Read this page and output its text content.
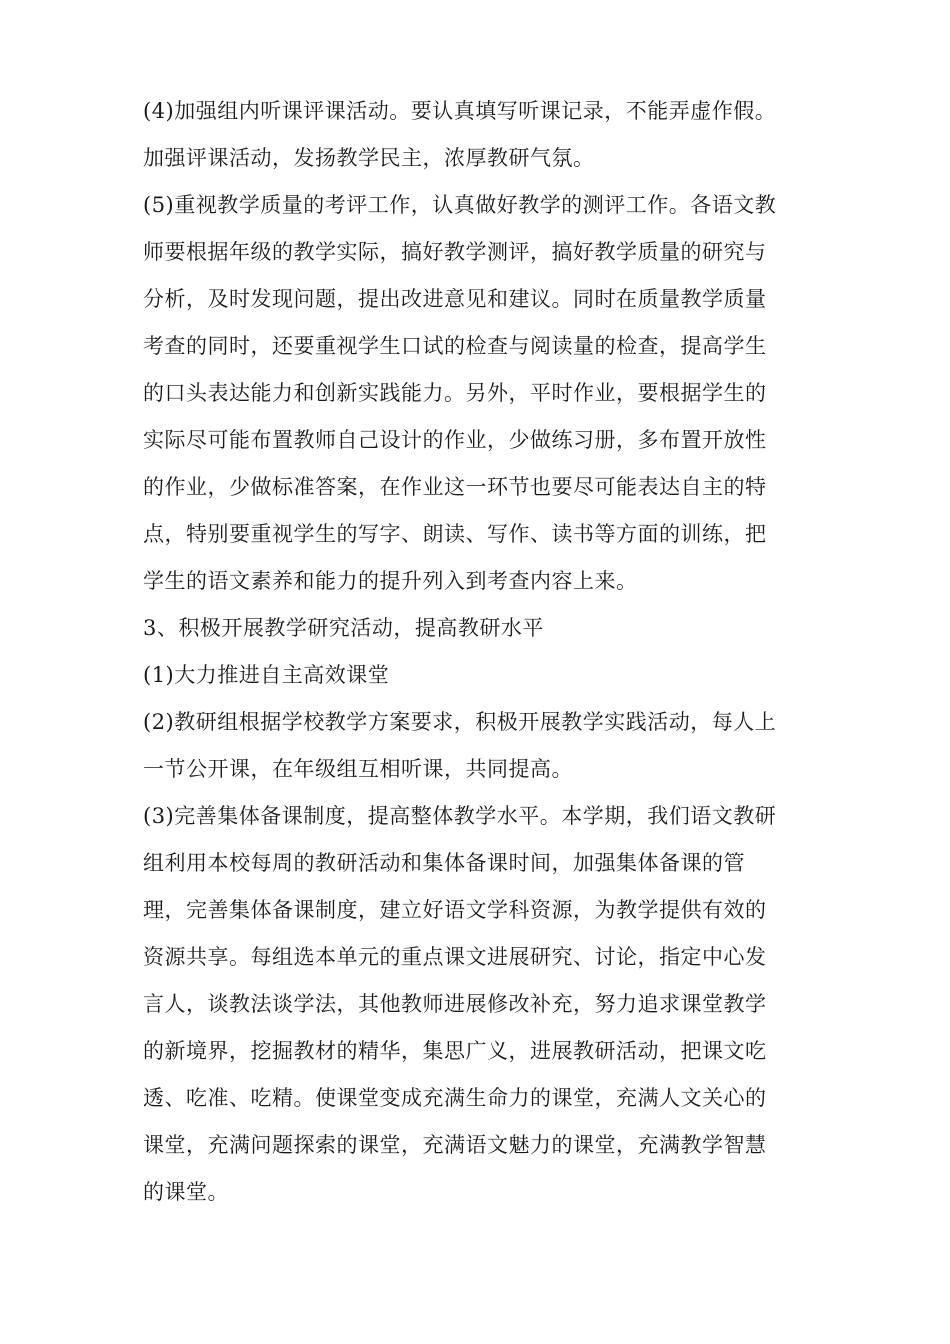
(4)加强组内听课评课活动。要认真填写听课记录，不能弄虚作假。
加强评课活动，发扬教学民主，浓厚教研气氛。
(5)重视教学质量的考评工作，认真做好教学的测评工作。各语文教
师要根据年级的教学实际，搞好教学测评，搞好教学质量的研究与
分析，及时发现问题，提出改进意见和建议。同时在质量教学质量
考查的同时，还要重视学生口试的检查与阅读量的检查，提高学生
的口头表达能力和创新实践能力。另外，平时作业，要根据学生的
实际尽可能布置教师自己设计的作业，少做练习册，多布置开放性
的作业，少做标准答案，在作业这一环节也要尽可能表达自主的特
点，特别要重视学生的写字、朗读、写作、读书等方面的训练，把
学生的语文素养和能力的提升列入到考查内容上来。
3、积极开展教学研究活动，提高教研水平
(1)大力推进自主高效课堂
(2)教研组根据学校教学方案要求，积极开展教学实践活动，每人上
一节公开课，在年级组互相听课，共同提高。
(3)完善集体备课制度，提高整体教学水平。本学期，我们语文教研
组利用本校每周的教研活动和集体备课时间，加强集体备课的管
理，完善集体备课制度，建立好语文学科资源，为教学提供有效的
资源共享。每组选本单元的重点课文进展研究、讨论，指定中心发
言人，谈教法谈学法，其他教师进展修改补充，努力追求课堂教学
的新境界，挖掘教材的精华，集思广义，进展教研活动，把课文吃
透、吃准、吃精。使课堂变成充满生命力的课堂，充满人文关心的
课堂，充满问题探索的课堂，充满语文魅力的课堂，充满教学智慧
的课堂。
